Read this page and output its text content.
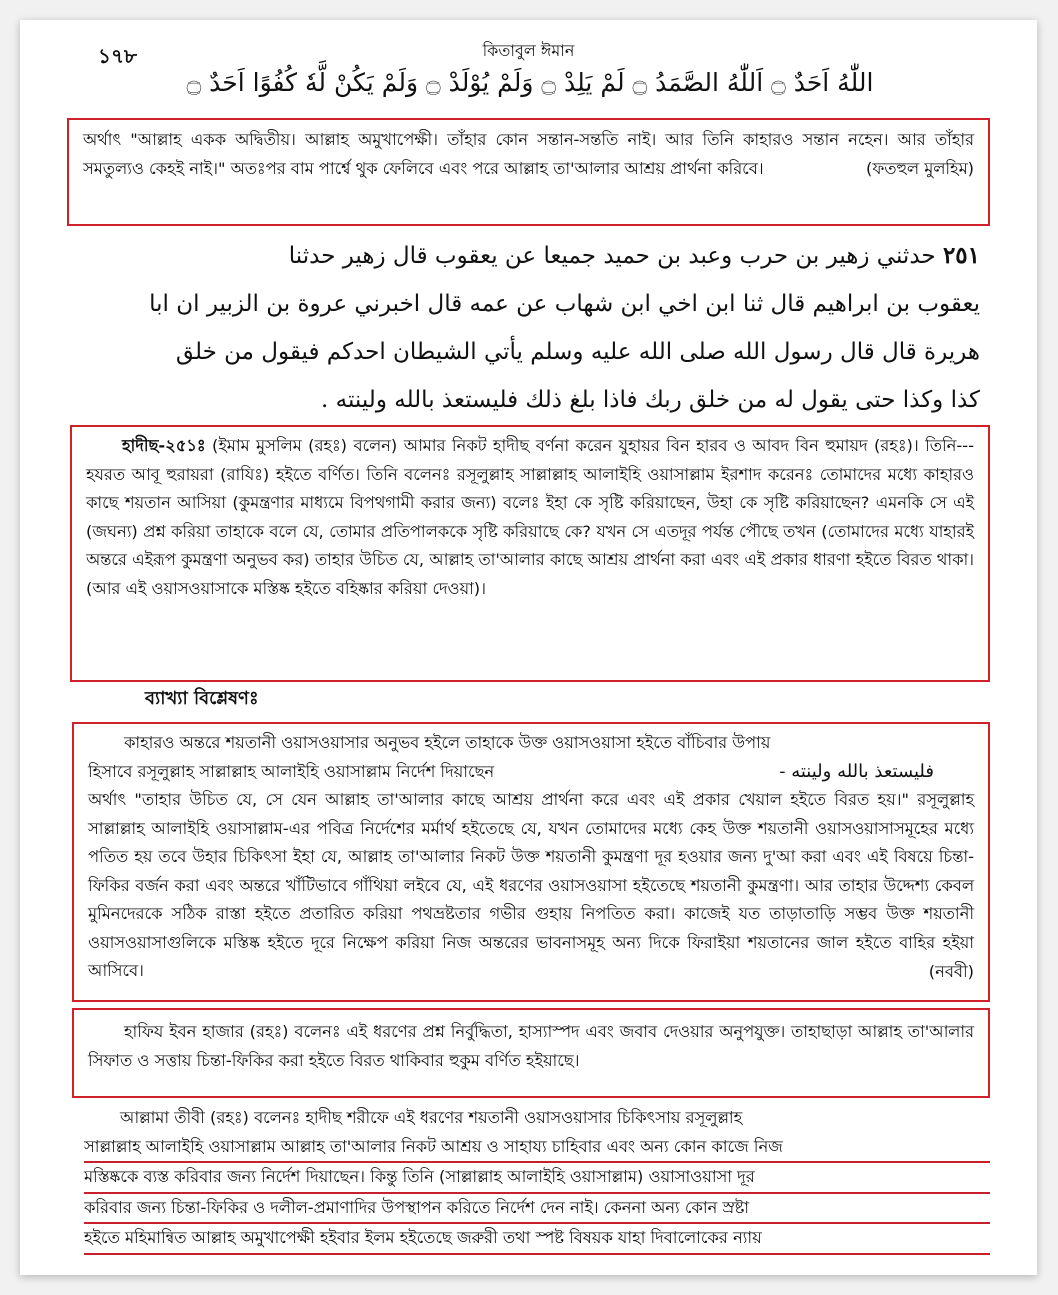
১৭৮	কিতাবুল ঈমান
اللّٰهُ اَحَدٌ ۝ اَللّٰهُ الصَّمَدُ ۝ لَمْ يَلِدْ ۝ وَلَمْ يُوْلَدْ ۝ وَلَمْ يَكُنْ لَّهٗ كُفُوًا اَحَدٌ ۝

অর্থাৎ "আল্লাহ একক অদ্বিতীয়। আল্লাহ অমুখাপেক্ষী। তাঁহার কোন সন্তান-সন্ততি নাই। আর তিনি কাহারও সন্তান নহেন। আর তাঁহার সমতুল্যও কেহই নাই।" অতঃপর বাম পার্শ্বে থুক ফেলিবে এবং পরে আল্লাহ তা'আলার আশ্রয় প্রার্থনা করিবে।	(ফতহুল মুলহিম)

٢٥١ حدثني زهير بن حرب وعبد بن حميد جميعا عن يعقوب قال زهير حدثنا
يعقوب بن ابراهيم قال ثنا ابن اخي ابن شهاب عن عمه قال اخبرني عروة بن الزبير ان ابا
هريرة قال قال رسول الله صلى الله عليه وسلم يأتي الشيطان احدكم فيقول من خلق
كذا وكذا حتى يقول له من خلق ربك فاذا بلغ ذلك فليستعذ بالله ولينته .

হাদীছ-২৫১ঃ (ইমাম মুসলিম (রহঃ) বলেন) আমার নিকট হাদীছ বর্ণনা করেন যুহায়র বিন হারব ও আবদ বিন হুমায়দ (রহঃ)। তিনি---হযরত আবূ হুরায়রা (রাযিঃ) হইতে বর্ণিত। তিনি বলেনঃ রসূলুল্লাহ সাল্লাল্লাহ আলাইহি ওয়াসাল্লাম ইরশাদ করেনঃ তোমাদের মধ্যে কাহারও কাছে শয়তান আসিয়া (কুমন্ত্রণার মাধ্যমে বিপথগামী করার জন্য) বলেঃ ইহা কে সৃষ্টি করিয়াছেন, উহা কে সৃষ্টি করিয়াছেন? এমনকি সে এই (জঘন্য) প্রশ্ন করিয়া তাহাকে বলে যে, তোমার প্রতিপালককে সৃষ্টি করিয়াছে কে? যখন সে এতদূর পর্যন্ত পৌছে তখন (তোমাদের মধ্যে যাহারই অন্তরে এইরূপ কুমন্ত্রণা অনুভব কর) তাহার উচিত যে, আল্লাহ তা'আলার কাছে আশ্রয় প্রার্থনা করা এবং এই প্রকার ধারণা হইতে বিরত থাকা। (আর এই ওয়াসওয়াসাকে মস্তিষ্ক হইতে বহিষ্কার করিয়া দেওয়া)।

ব্যাখ্যা বিশ্লেষণঃ

কাহারও অন্তরে শয়তানী ওয়াসওয়াসার অনুভব হইলে তাহাকে উক্ত ওয়াসওয়াসা হইতে বাঁচিবার উপায়

হিসাবে রসূলুল্লাহ সাল্লাল্লাহ আলাইহি ওয়াসাল্লাম নির্দেশ দিয়াছেন	فليستعذ بالله ولينته -

অর্থাৎ "তাহার উচিত যে, সে যেন আল্লাহ তা'আলার কাছে আশ্রয় প্রার্থনা করে এবং এই প্রকার খেয়াল হইতে বিরত হয়।" রসূলুল্লাহ সাল্লাল্লাহ আলাইহি ওয়াসাল্লাম-এর পবিত্র নির্দেশের মর্মার্থ হইতেছে যে, যখন তোমাদের মধ্যে কেহ উক্ত শয়তানী ওয়াসওয়াসাসমূহের মধ্যে পতিত হয় তবে উহার চিকিৎসা ইহা যে, আল্লাহ তা'আলার নিকট উক্ত শয়তানী কুমন্ত্রণা দূর হওয়ার জন্য দু'আ করা এবং এই বিষয়ে চিন্তা-ফিকির বর্জন করা এবং অন্তরে খাঁটিভাবে গাঁথিয়া লইবে যে, এই ধরণের ওয়াসওয়াসা হইতেছে শয়তানী কুমন্ত্রণা। আর তাহার উদ্দেশ্য কেবল মুমিনদেরকে সঠিক রাস্তা হইতে প্রতারিত করিয়া পথভ্রষ্টতার গভীর গুহায় নিপতিত করা। কাজেই যত তাড়াতাড়ি সম্ভব উক্ত শয়তানী ওয়াসওয়াসাগুলিকে মস্তিষ্ক হইতে দূরে নিক্ষেপ করিয়া নিজ অন্তরের ভাবনাসমূহ অন্য দিকে ফিরাইয়া শয়তানের জাল হইতে বাহির হইয়া আসিবে।	(নববী)

হাফিয ইবন হাজার (রহঃ) বলেনঃ এই ধরণের প্রশ্ন নির্বুদ্ধিতা, হাস্যাস্পদ এবং জবাব দেওয়ার অনুপযুক্ত। তাহাছাড়া আল্লাহ তা'আলার সিফাত ও সত্তায় চিন্তা-ফিকির করা হইতে বিরত থাকিবার হুকুম বর্ণিত হইয়াছে।

আল্লামা তীবী (রহঃ) বলেনঃ হাদীছ শরীফে এই ধরণের শয়তানী ওয়াসওয়াসার চিকিৎসায় রসূলুল্লাহ

সাল্লাল্লাহ আলাইহি ওয়াসাল্লাম আল্লাহ তা'আলার নিকট আশ্রয় ও সাহায্য চাহিবার এবং অন্য কোন কাজে নিজ

মস্তিষ্ককে ব্যস্ত করিবার জন্য নির্দেশ দিয়াছেন। কিন্তু তিনি (সাল্লাল্লাহ আলাইহি ওয়াসাল্লাম) ওয়াসাওয়াসা দূর

করিবার জন্য চিন্তা-ফিকির ও দলীল-প্রমাণাদির উপস্থাপন করিতে নির্দেশ দেন নাই। কেননা অন্য কোন স্রষ্টা

হইতে মহিমান্বিত আল্লাহ অমুখাপেক্ষী হইবার ইলম হইতেছে জরুরী তথা স্পষ্ট বিষয়ক যাহা দিবালোকের ন্যায়
